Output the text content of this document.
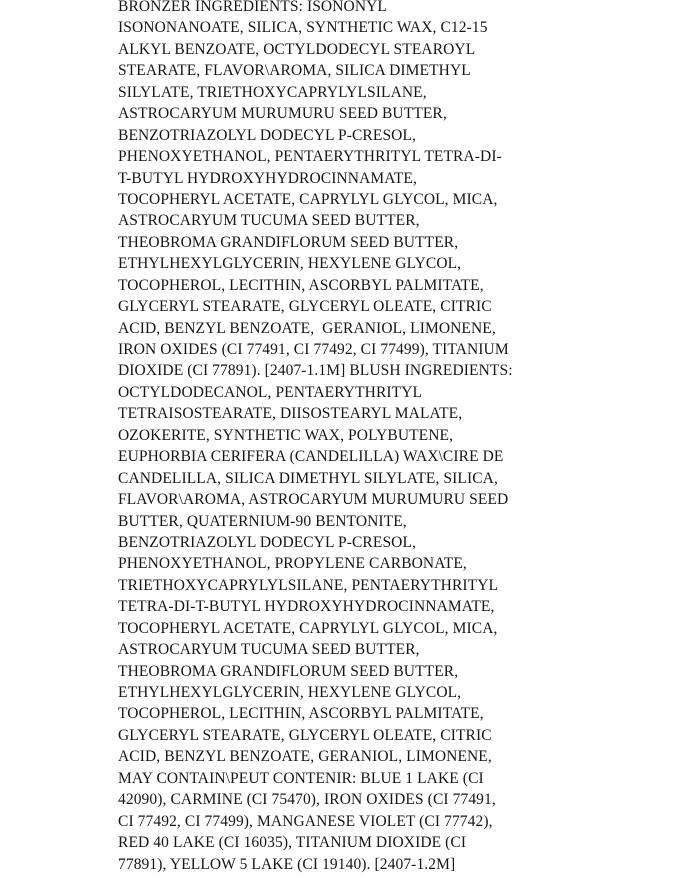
BRONZER INGREDIENTS: ISONONYL
ISONONANOATE, SILICA, SYNTHETIC WAX, C12-15
ALKYL BENZOATE, OCTYLDODECYL STEAROYL
STEARATE, FLAVOR\AROMA, SILICA DIMETHYL
SILYLATE, TRIETHOXYCAPRYLYLSILANE,
ASTROCARYUM MURUMURU SEED BUTTER,
BENZOTRIAZOLYL DODECYL P-CRESOL,
PHENOXYETHANOL, PENTAERYTHRITYL TETRA-DI-
T-BUTYL HYDROXYHYDROCINNAMATE,
TOCOPHERYL ACETATE, CAPRYLYL GLYCOL, MICA,
ASTROCARYUM TUCUMA SEED BUTTER,
THEOBROMA GRANDIFLORUM SEED BUTTER,
ETHYLHEXYLGLYCERIN, HEXYLENE GLYCOL,
TOCOPHEROL, LECITHIN, ASCORBYL PALMITATE,
GLYCERYL STEARATE, GLYCERYL OLEATE, CITRIC
ACID, BENZYL BENZOATE,  GERANIOL, LIMONENE,
IRON OXIDES (CI 77491, CI 77492, CI 77499), TITANIUM
DIOXIDE (CI 77891). [2407-1.1M] BLUSH INGREDIENTS:
OCTYLDODECANOL, PENTAERYTHRITYL
TETRAISOSTEARATE, DIISOSTEARYL MALATE,
OZOKERITE, SYNTHETIC WAX, POLYBUTENE,
EUPHORBIA CERIFERA (CANDELILLA) WAX\CIRE DE
CANDELILLA, SILICA DIMETHYL SILYLATE, SILICA,
FLAVOR\AROMA, ASTROCARYUM MURUMURU SEED
BUTTER, QUATERNIUM-90 BENTONITE,
BENZOTRIAZOLYL DODECYL P-CRESOL,
PHENOXYETHANOL, PROPYLENE CARBONATE,
TRIETHOXYCAPRYLYLSILANE, PENTAERYTHRITYL
TETRA-DI-T-BUTYL HYDROXYHYDROCINNAMATE,
TOCOPHERYL ACETATE, CAPRYLYL GLYCOL, MICA,
ASTROCARYUM TUCUMA SEED BUTTER,
THEOBROMA GRANDIFLORUM SEED BUTTER,
ETHYLHEXYLGLYCERIN, HEXYLENE GLYCOL,
TOCOPHEROL, LECITHIN, ASCORBYL PALMITATE,
GLYCERYL STEARATE, GLYCERYL OLEATE, CITRIC
ACID, BENZYL BENZOATE, GERANIOL, LIMONENE,
MAY CONTAIN\PEUT CONTENIR: BLUE 1 LAKE (CI
42090), CARMINE (CI 75470), IRON OXIDES (CI 77491,
CI 77492, CI 77499), MANGANESE VIOLET (CI 77742),
RED 40 LAKE (CI 16035), TITANIUM DIOXIDE (CI
77891), YELLOW 5 LAKE (CI 19140). [2407-1.2M]
